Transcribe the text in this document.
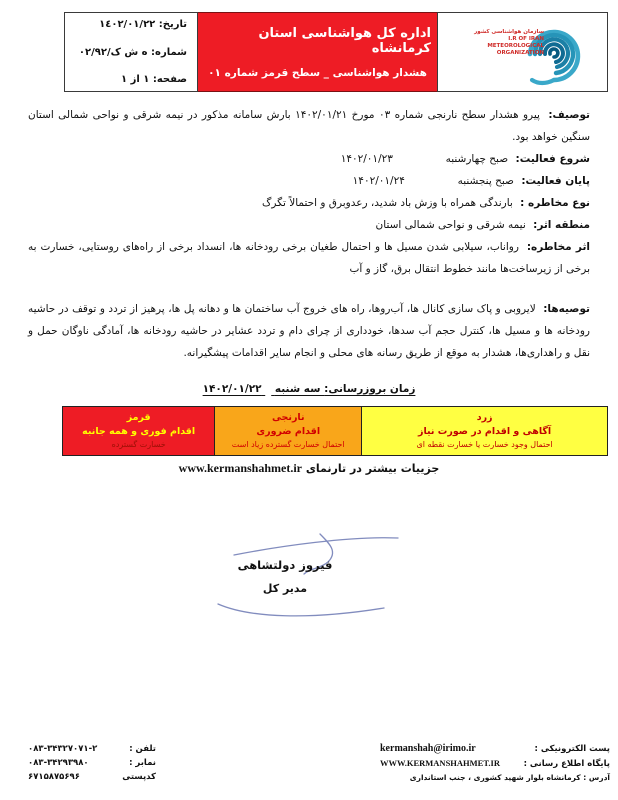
سازمان هواشناسی کشور
I.R OF IRAN
METEOROLOGICAL
ORGANIZATION
اداره کل هواشناسی استان کرمانشاه
هشدار هواشناسی _ سطح قرمز شماره ۰۱
تاریخ: ١٤٠٢/٠١/٢٢
شماره: ه ش ک/۰۲/۹۲
صفحه: ۱ از ۱

توصیف: پیرو هشدار سطح نارنجی شماره ۰۳ مورخ ۱۴۰۲/۰۱/۲۱ بارش سامانه مذکور در نیمه شرقی و نواحی شمالی استان سنگین خواهد بود.

شروع فعالیت: صبح چهارشنبه  ۱۴۰۲/۰۱/۲۳
پایان فعالیت: صبح پنجشنبه  ۱۴۰۲/۰۱/۲۴
نوع مخاطره : بارندگی همراه با وزش باد شدید، رعدوبرق و احتمالاً تگرگ
منطقه اثر: نیمه شرقی و نواحی شمالی استان

اثر مخاطره: رواناب، سیلابی شدن مسیل ها و احتمال طغیان برخی رودخانه ها، انسداد برخی از راه‌های روستایی، خسارت به برخی از زیرساخت‌ها مانند خطوط انتقال برق، گاز و آب

توصیه‌ها: لایروبی و پاک سازی کانال ها، آب‌روها، راه های خروج آب ساختمان ها و دهانه پل ها، پرهیز از تردد و توقف در حاشیه رودخانه ها و مسیل ها، کنترل حجم آب سدها، خودداری از چرای دام و تردد عشایر در حاشیه رودخانه ها، آمادگی ناوگان حمل و نقل و راهداری‌ها، هشدار به موقع از طریق رسانه های محلی و انجام سایر اقدامات پیشگیرانه.

زمان بروزرسانی: سه شنبه  ۱۴۰۲/۰۱/۲۲
زرد
آگاهی و اقدام در صورت نیاز
احتمال وجود خسارت یا خسارت نقطه ای
نارنجی
اقدام ضروری
احتمال خسارت گسترده زیاد است
قرمز
اقدام فوری و همه جانبه
خسارت گسترده
جزییات بیشتر در تارنمای www.kermanshahmet.ir
فیروز دولتشاهی
مدیر کل
پست الکترونیکی :
kermanshah@irimo.ir
پایگاه اطلاع رسانی :
WWW.KERMANSHAHMET.IR
آدرس : کرمانشاه بلوار شهید کشوری ، جنب استانداری
تلفن :
۰۸۳-۳۴۳۲۷۰۷۱-۲
نمابر :
۰۸۳-۳۴۲۹۳۹۸۰
کدپستی
۶۷۱۵۸۷۵۶۹۶
